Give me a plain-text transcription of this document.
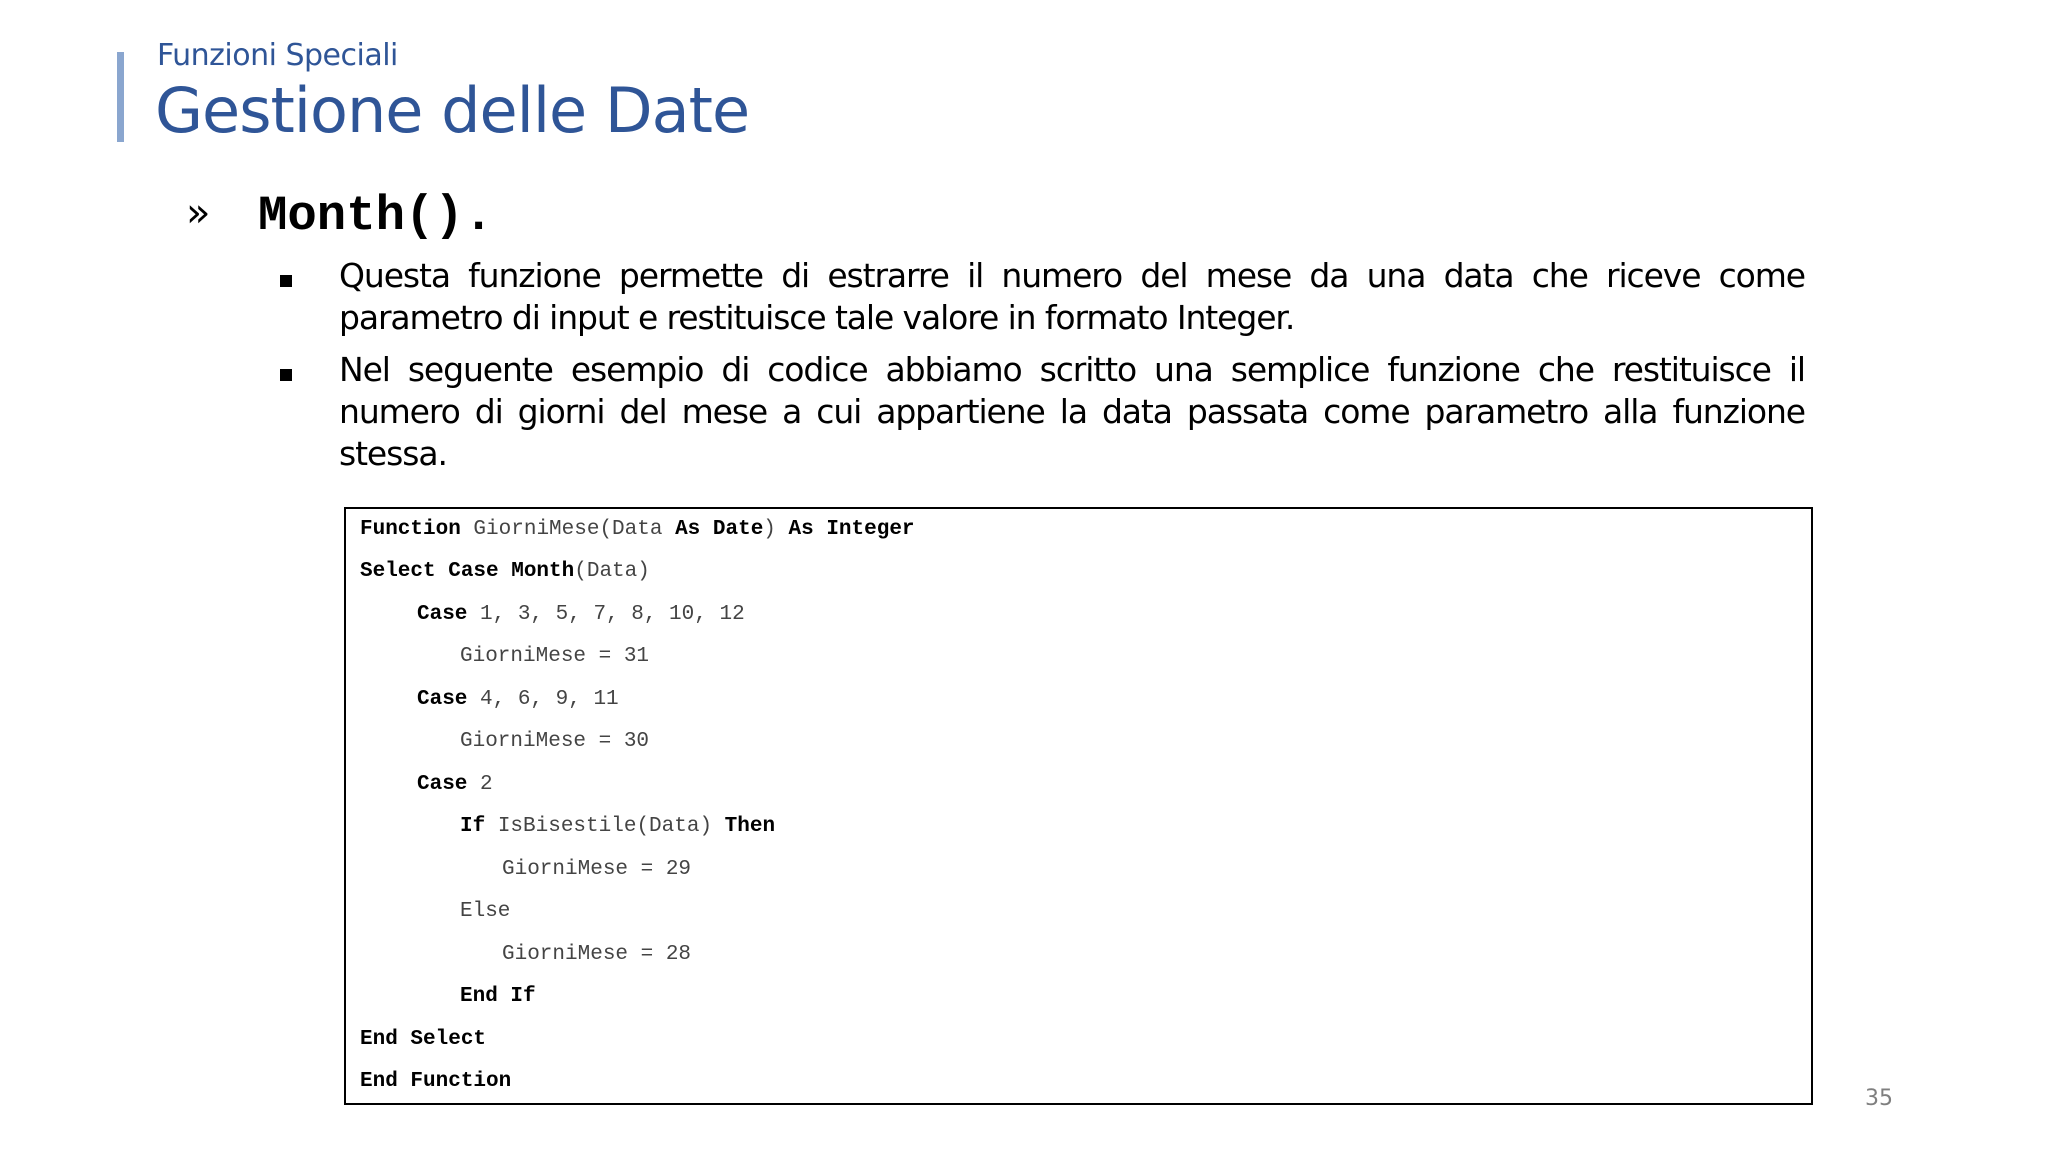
Funzioni Speciali
Gestione delle Date
» Month().
Questa funzione permette di estrarre il numero del mese da una data che riceve come parametro di input e restituisce tale valore in formato Integer.
Nel seguente esempio di codice abbiamo scritto una semplice funzione che restituisce il numero di giorni del mese a cui appartiene la data passata come parametro alla funzione stessa.
Function GiorniMese(Data As Date) As Integer
Select Case Month(Data)
Case 1, 3, 5, 7, 8, 10, 12
GiorniMese = 31
Case 4, 6, 9, 11
GiorniMese = 30
Case 2
If IsBisestile(Data) Then
GiorniMese = 29
Else
GiorniMese = 28
End If
End Select
End Function
35
